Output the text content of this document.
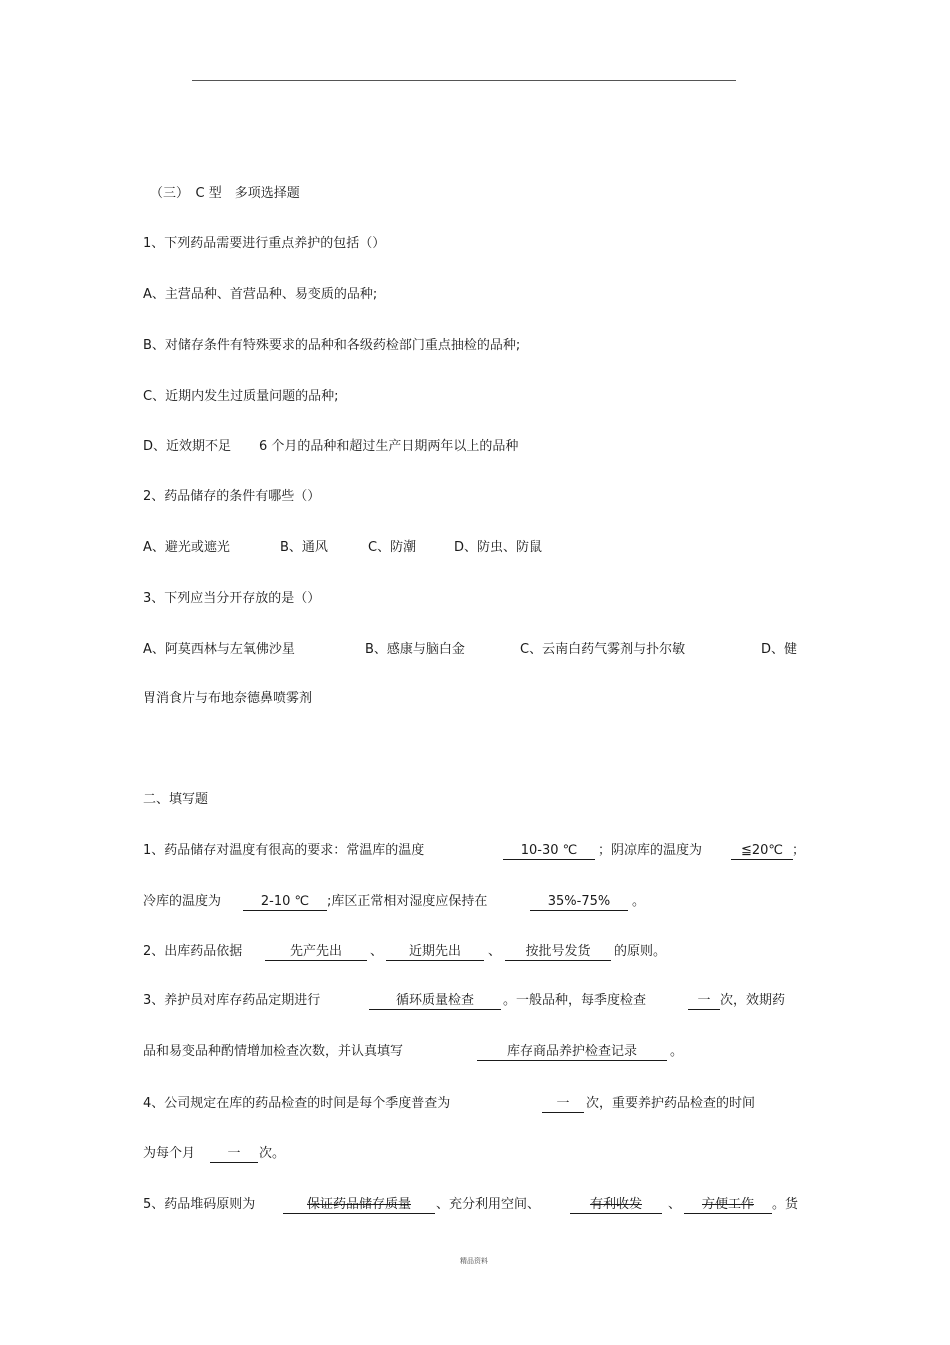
（三）　C 型　多项选择题
1、下列药品需要进行重点养护的包括（）
A、主营品种、首营品种、易变质的品种;
B、对储存条件有特殊要求的品种和各级药检部门重点抽检的品种;
C、近期内发生过质量问题的品种;
D、近效期不足 6 个月的品种和超过生产日期两年以上的品种
2、药品储存的条件有哪些（）
A、避光或遮光	B、通风	C、防潮	D、防虫、防鼠
3、下列应当分开存放的是（）
A、阿莫西林与左氧佛沙星	B、感康与脑白金	C、云南白药气雾剂与扑尔敏	D、健
胃消食片与布地奈德鼻喷雾剂
二、填写题
1、药品储存对温度有很高的要求：常温库的温度	10-30 ℃	；阴凉库的温度为	≦20℃ ；
冷库的温度为	2-10 ℃	;库区正常相对湿度应保持在	35%-75%	。
2、出库药品依据	先产先出	、	近期先出	、	按批号发货	的原则。
3、养护员对库存药品定期进行	循环质量检查	。一般品种，每季度检查	一 次，效期药
品和易变品种酌情增加检查次数，并认真填写	库存商品养护检查记录	。
4、公司规定在库的药品检查的时间是每个季度普查为	一	次，重要养护药品检查的时间
为每个月	一	次。
5、药品堆码原则为	保证药品储存质量	、充分利用空间、	有利收发	、	方便工作	。货
精品资料
